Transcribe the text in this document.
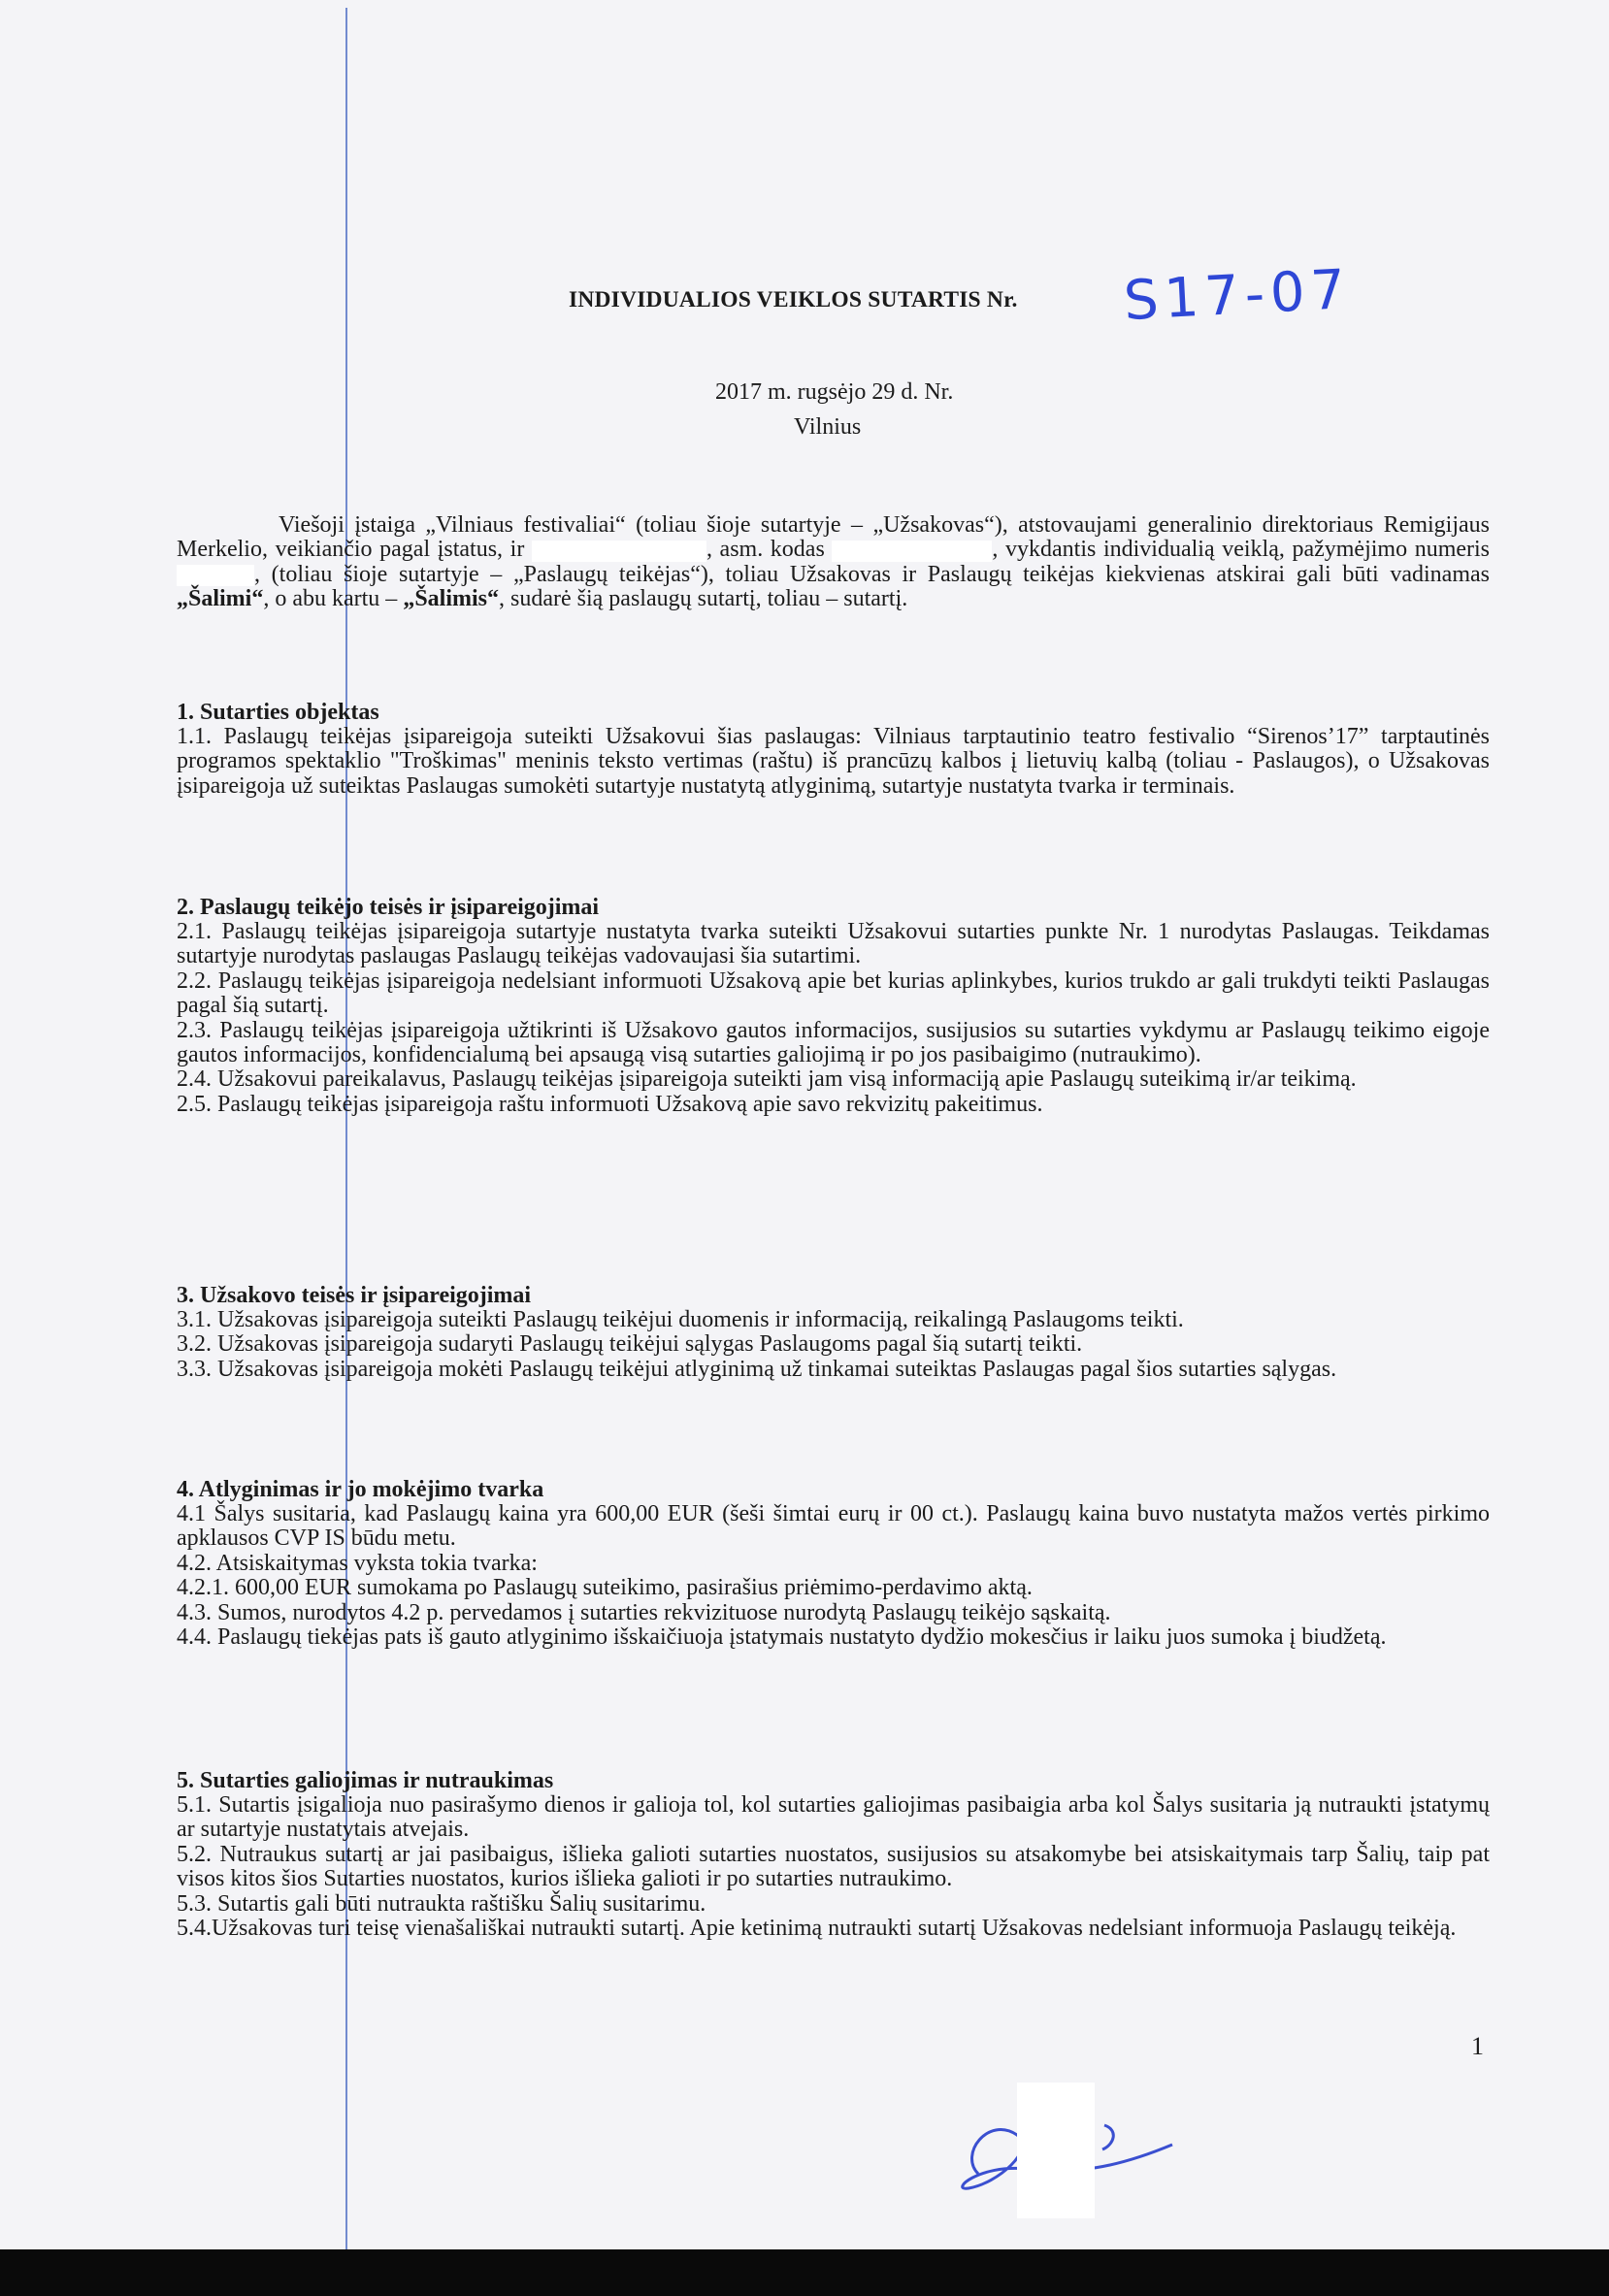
INDIVIDUALIOS VEIKLOS SUTARTIS Nr. S17-07
2017 m. rugsėjo 29 d. Nr.
Vilnius

Viešoji įstaiga „Vilniaus festivaliai“ (toliau šioje sutartyje – „Užsakovas“), atstovaujami generalinio direktoriaus Remigijaus Merkelio, veikiančio pagal įstatus, ir	, asm. kodas	, vykdantis individualią veiklą, pažymėjimo numeris , (toliau šioje sutartyje – „Paslaugų teikėjas“), toliau Užsakovas ir Paslaugų teikėjas kiekvienas atskirai gali būti vadinamas „Šalimi“, o abu kartu – „Šalimis“, sudarė šią paslaugų sutartį, toliau – sutartį.

1. Sutarties objektas

1.1. Paslaugų teikėjas įsipareigoja suteikti Užsakovui šias paslaugas: Vilniaus tarptautinio teatro festivalio “Sirenos’17” tarptautinės programos spektaklio "Troškimas" meninis teksto vertimas (raštu) iš prancūzų kalbos į lietuvių kalbą (toliau - Paslaugos), o Užsakovas įsipareigoja už suteiktas Paslaugas sumokėti sutartyje nustatytą atlyginimą, sutartyje nustatyta tvarka ir terminais.

2. Paslaugų teikėjo teisės ir įsipareigojimai

2.1. Paslaugų teikėjas įsipareigoja sutartyje nustatyta tvarka suteikti Užsakovui sutarties punkte Nr. 1 nurodytas Paslaugas. Teikdamas sutartyje nurodytas paslaugas Paslaugų teikėjas vadovaujasi šia sutartimi.

2.2. Paslaugų teikėjas įsipareigoja nedelsiant informuoti Užsakovą apie bet kurias aplinkybes, kurios trukdo ar gali trukdyti teikti Paslaugas pagal šią sutartį.

2.3. Paslaugų teikėjas įsipareigoja užtikrinti iš Užsakovo gautos informacijos, susijusios su sutarties vykdymu ar Paslaugų teikimo eigoje gautos informacijos, konfidencialumą bei apsaugą visą sutarties galiojimą ir po jos pasibaigimo (nutraukimo).

2.4. Užsakovui pareikalavus, Paslaugų teikėjas įsipareigoja suteikti jam visą informaciją apie Paslaugų suteikimą ir/ar teikimą.

2.5. Paslaugų teikėjas įsipareigoja raštu informuoti Užsakovą apie savo rekvizitų pakeitimus.

3. Užsakovo teisės ir įsipareigojimai

3.1. Užsakovas įsipareigoja suteikti Paslaugų teikėjui duomenis ir informaciją, reikalingą Paslaugoms teikti.

3.2. Užsakovas įsipareigoja sudaryti Paslaugų teikėjui sąlygas Paslaugoms pagal šią sutartį teikti.

3.3. Užsakovas įsipareigoja mokėti Paslaugų teikėjui atlyginimą už tinkamai suteiktas Paslaugas pagal šios sutarties sąlygas.

4. Atlyginimas ir jo mokėjimo tvarka

4.1 Šalys susitaria, kad Paslaugų kaina yra 600,00 EUR (šeši šimtai eurų ir 00 ct.). Paslaugų kaina buvo nustatyta mažos vertės pirkimo apklausos CVP IS būdu metu.

4.2. Atsiskaitymas vyksta tokia tvarka:

4.2.1. 600,00 EUR sumokama po Paslaugų suteikimo, pasirašius priėmimo-perdavimo aktą.

4.3. Sumos, nurodytos 4.2 p. pervedamos į sutarties rekvizituose nurodytą Paslaugų teikėjo sąskaitą.

4.4. Paslaugų tiekėjas pats iš gauto atlyginimo išskaičiuoja įstatymais nustatyto dydžio mokesčius ir laiku juos sumoka į biudžetą.

5. Sutarties galiojimas ir nutraukimas

5.1. Sutartis įsigalioja nuo pasirašymo dienos ir galioja tol, kol sutarties galiojimas pasibaigia arba kol Šalys susitaria ją nutraukti įstatymų ar sutartyje nustatytais atvejais.

5.2. Nutraukus sutartį ar jai pasibaigus, išlieka galioti sutarties nuostatos, susijusios su atsakomybe bei atsiskaitymais tarp Šalių, taip pat visos kitos šios Sutarties nuostatos, kurios išlieka galioti ir po sutarties nutraukimo.

5.3. Sutartis gali būti nutraukta raštišku Šalių susitarimu.

5.4.Užsakovas turi teisę vienašališkai nutraukti sutartį. Apie ketinimą nutraukti sutartį Užsakovas nedelsiant informuoja Paslaugų teikėją.

1
